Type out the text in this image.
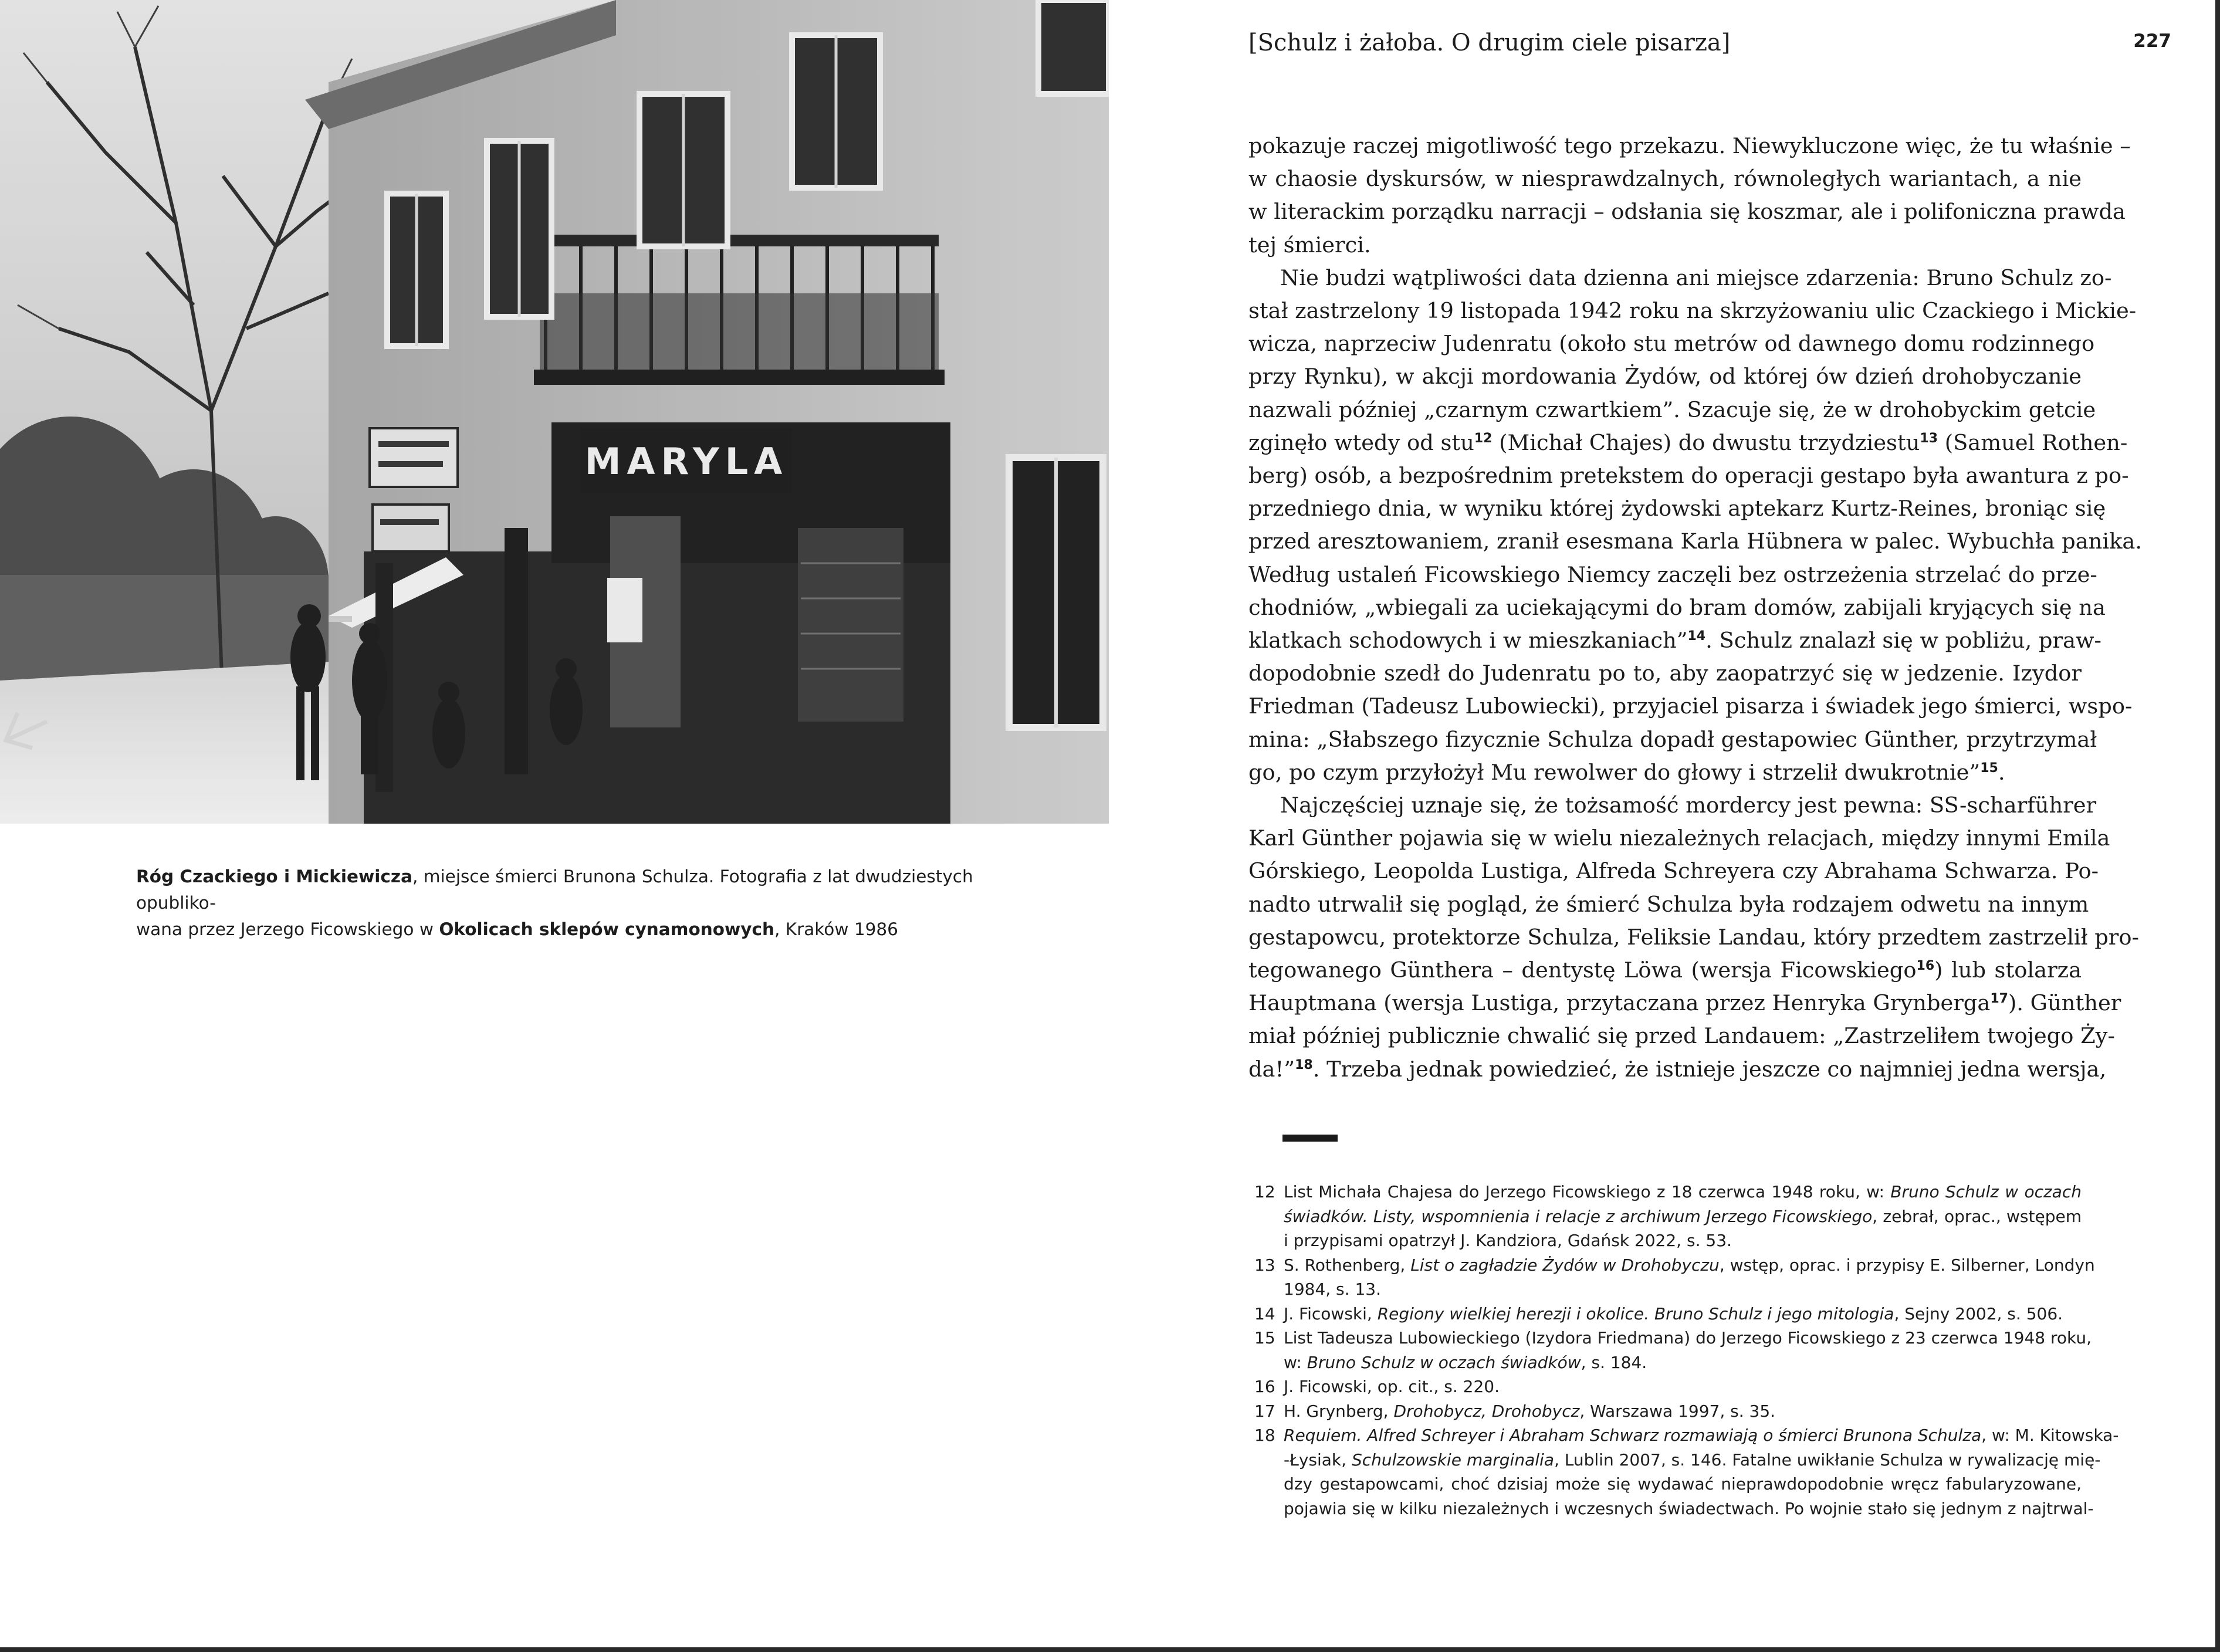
MARYLA
Róg Czackiego i Mickiewicza, miejsce śmierci Brunona Schulza. Fotografia z lat dwudziestych opubliko-
wana przez Jerzego Ficowskiego w Okolicach sklepów cynamonowych, Kraków 1986
[Schulz i żałoba. O drugim ciele pisarza]	227

pokazuje raczej migotliwość tego przekazu. Niewykluczone więc, że tu właśnie –

w chaosie dyskursów, w niesprawdzalnych, równoległych wariantach, a nie

w literackim porządku narracji – odsłania się koszmar, ale i polifoniczna prawda

tej śmierci.

Nie budzi wątpliwości data dzienna ani miejsce zdarzenia: Bruno Schulz zo-

stał zastrzelony 19 listopada 1942 roku na skrzyżowaniu ulic Czackiego i Mickie-

wicza, naprzeciw Judenratu (około stu metrów od dawnego domu rodzinnego

przy Rynku), w akcji mordowania Żydów, od której ów dzień drohobyczanie

nazwali później „czarnym czwartkiem”. Szacuje się, że w drohobyckim getcie

zginęło wtedy od stu$^{12}$ (Michał Chajes) do dwustu trzydziestu$^{13}$ (Samuel Rothen-

berg) osób, a bezpośrednim pretekstem do operacji gestapo była awantura z po-

przedniego dnia, w wyniku której żydowski aptekarz Kurtz-Reines, broniąc się

przed aresztowaniem, zranił esesmana Karla Hübnera w palec. Wybuchła panika.

Według ustaleń Ficowskiego Niemcy zaczęli bez ostrzeżenia strzelać do prze-

chodniów, „wbiegali za uciekającymi do bram domów, zabijali kryjących się na

klatkach schodowych i w mieszkaniach”$^{14}$. Schulz znalazł się w pobliżu, praw-

dopodobnie szedł do Judenratu po to, aby zaopatrzyć się w jedzenie. Izydor

Friedman (Tadeusz Lubowiecki), przyjaciel pisarza i świadek jego śmierci, wspo-

mina: „Słabszego fizycznie Schulza dopadł gestapowiec Günther, przytrzymał

go, po czym przyłożył Mu rewolwer do głowy i strzelił dwukrotnie”$^{15}$.

Najczęściej uznaje się, że tożsamość mordercy jest pewna: SS-scharführer

Karl Günther pojawia się w wielu niezależnych relacjach, między innymi Emila

Górskiego, Leopolda Lustiga, Alfreda Schreyera czy Abrahama Schwarza. Po-

nadto utrwalił się pogląd, że śmierć Schulza była rodzajem odwetu na innym

gestapowcu, protektorze Schulza, Feliksie Landau, który przedtem zastrzelił pro-

tegowanego Günthera – dentystę Löwa (wersja Ficowskiego$^{16}$) lub stolarza

Hauptmana (wersja Lustiga, przytaczana przez Henryka Grynberga$^{17}$). Günther

miał później publicznie chwalić się przed Landauem: „Zastrzeliłem twojego Ży-

da!”$^{18}$. Trzeba jednak powiedzieć, że istnieje jeszcze co najmniej jedna wersja,

12 List Michała Chajesa do Jerzego Ficowskiego z 18 czerwca 1948 roku, w: Bruno Schulz w oczach
świadków. Listy, wspomnienia i relacje z archiwum Jerzego Ficowskiego, zebrał, oprac., wstępem
i przypisami opatrzył J. Kandziora, Gdańsk 2022, s. 53.
13 S. Rothenberg, List o zagładzie Żydów w Drohobyczu, wstęp, oprac. i przypisy E. Silberner, Londyn
1984, s. 13.
14 J. Ficowski, Regiony wielkiej herezji i okolice. Bruno Schulz i jego mitologia, Sejny 2002, s. 506.
15 List Tadeusza Lubowieckiego (Izydora Friedmana) do Jerzego Ficowskiego z 23 czerwca 1948 roku,
w: Bruno Schulz w oczach świadków, s. 184.
16 J. Ficowski, op. cit., s. 220.
17 H. Grynberg, Drohobycz, Drohobycz, Warszawa 1997, s. 35.
18 Requiem. Alfred Schreyer i Abraham Schwarz rozmawiają o śmierci Brunona Schulza, w: M. Kitowska-
-Łysiak, Schulzowskie marginalia, Lublin 2007, s. 146. Fatalne uwikłanie Schulza w rywalizację mię-
dzy gestapowcami, choć dzisiaj może się wydawać nieprawdopodobnie wręcz fabularyzowane,
pojawia się w kilku niezależnych i wczesnych świadectwach. Po wojnie stało się jednym z najtrwal-
